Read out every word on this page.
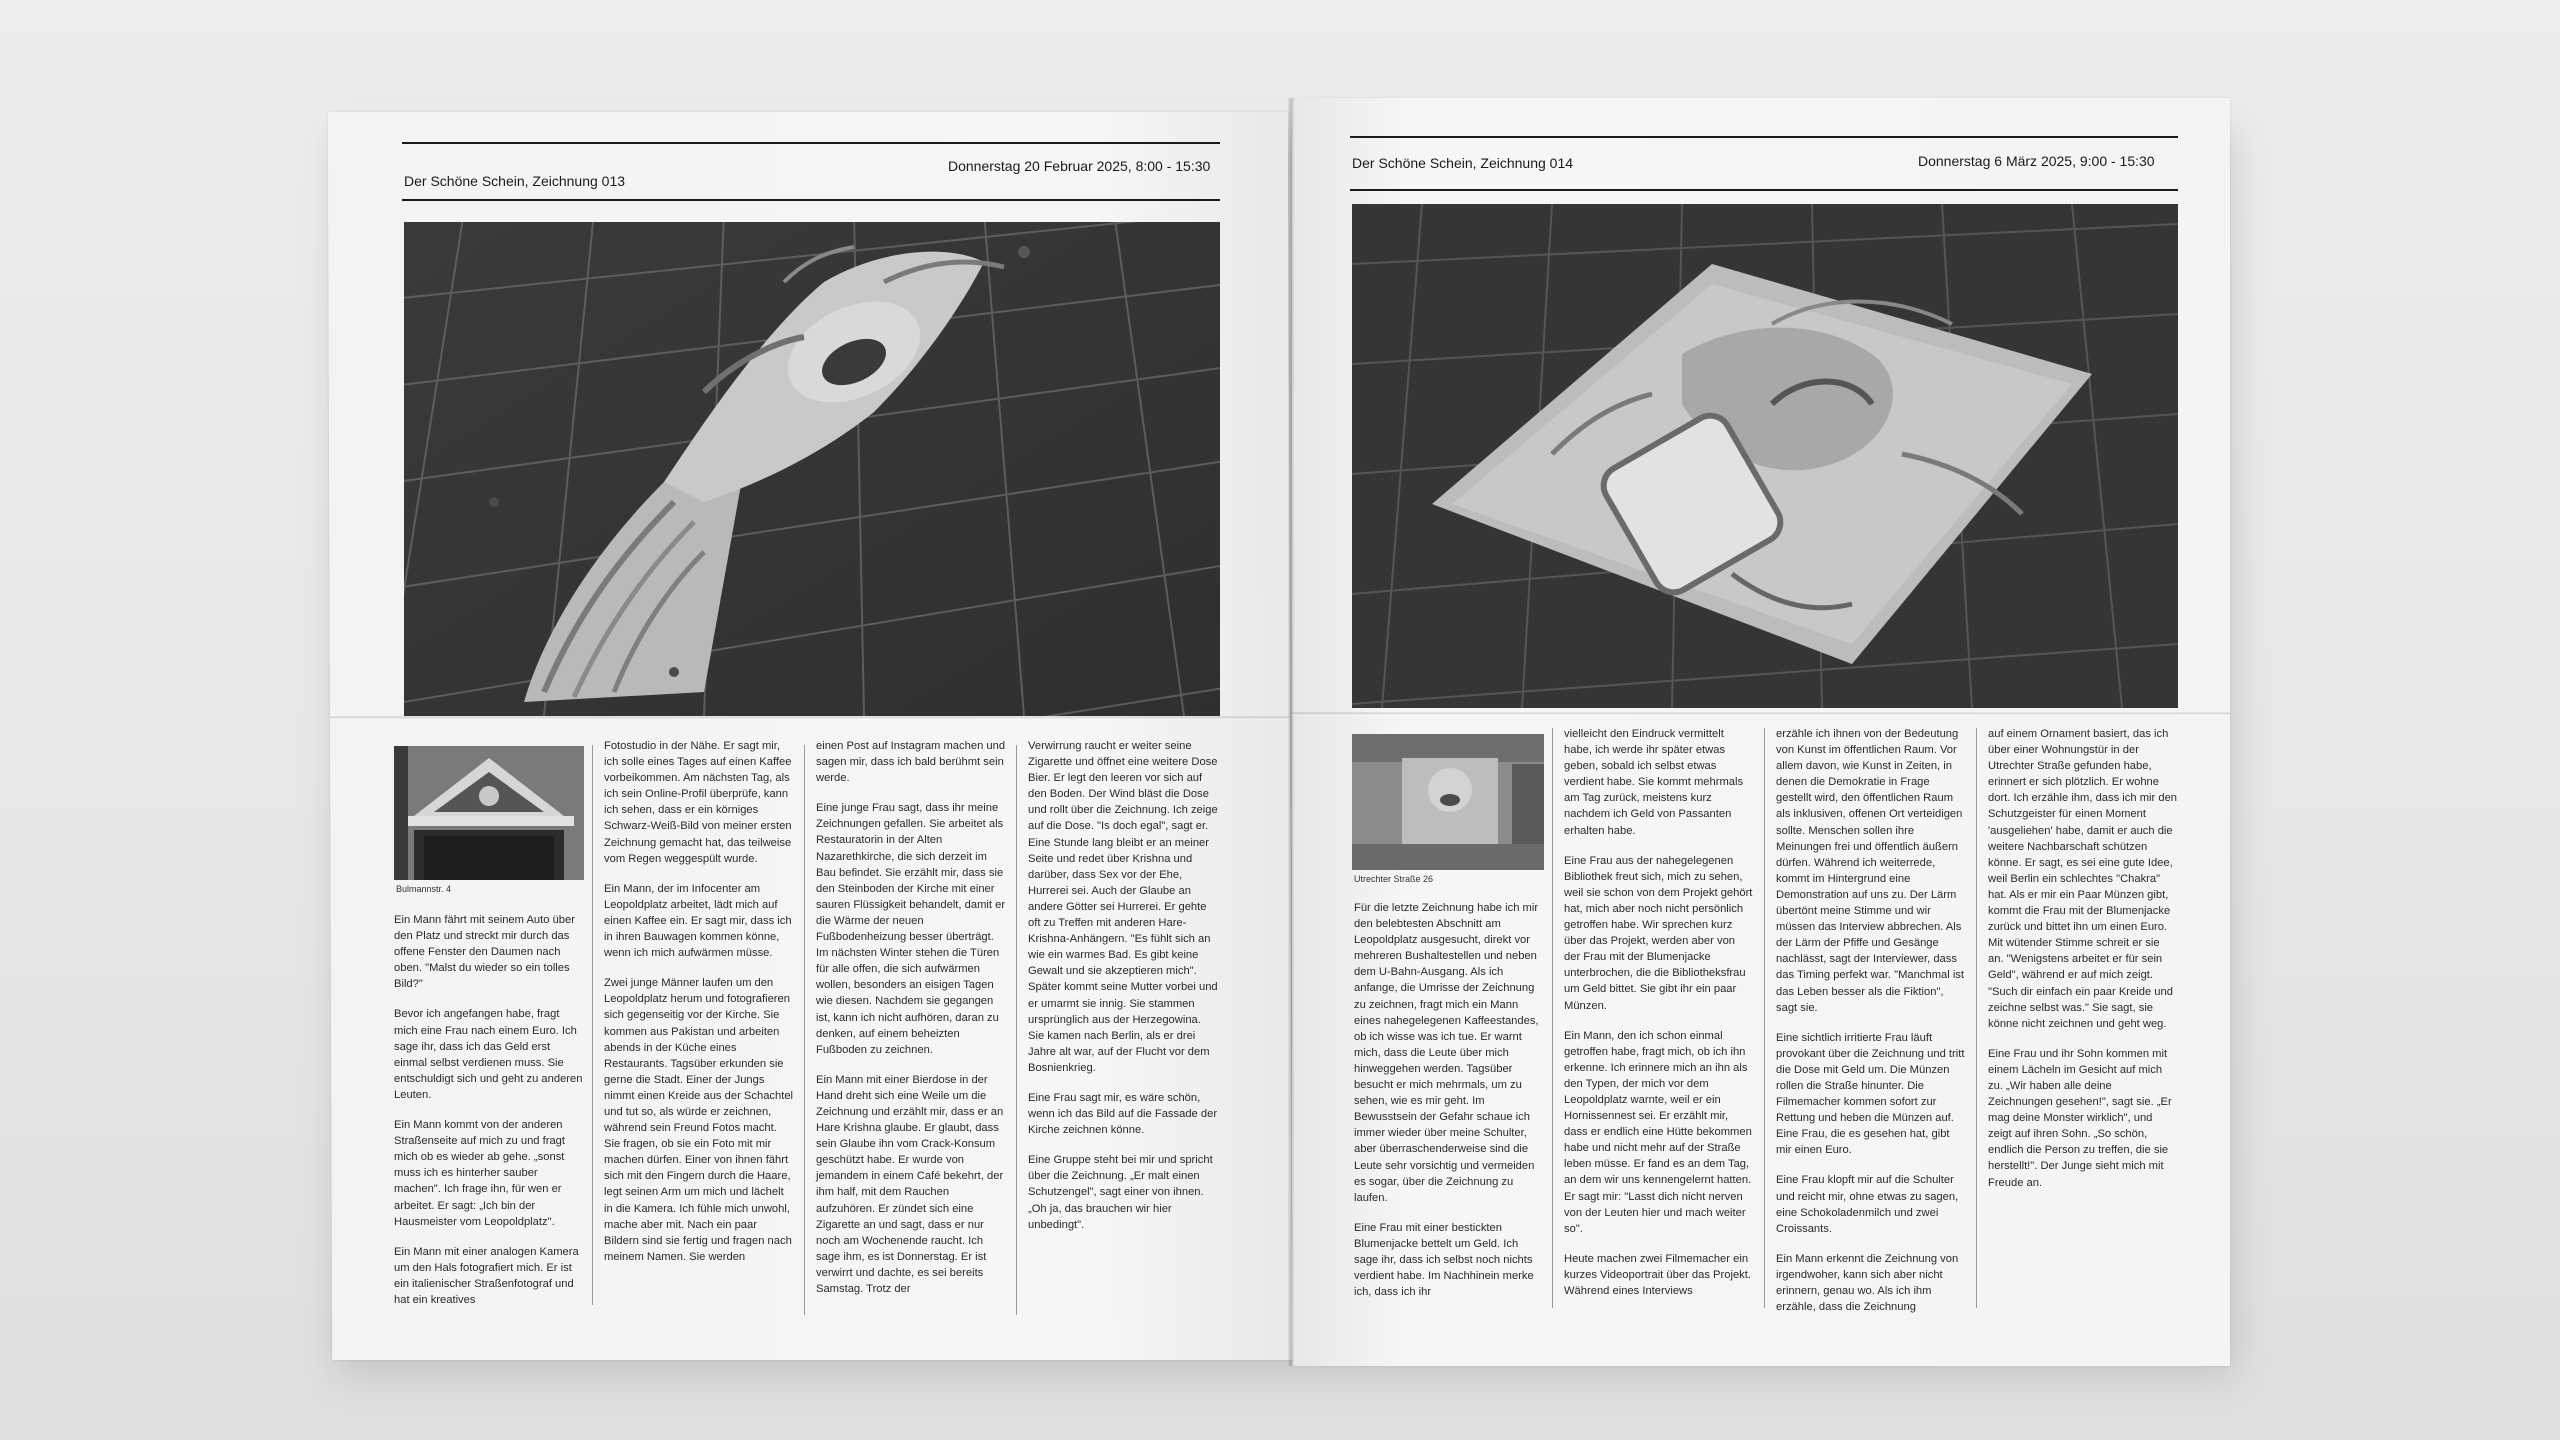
Der Schöne Schein, Zeichnung 013
Donnerstag 20 Februar 2025, 8:00 - 15:30
Bulmannstr. 4

Ein Mann fährt mit seinem Auto über den Platz und streckt mir durch das offene Fenster den Daumen nach oben. "Malst du wieder so ein tolles Bild?"

Bevor ich angefangen habe, fragt mich eine Frau nach einem Euro. Ich sage ihr, dass ich das Geld erst einmal selbst verdienen muss. Sie entschuldigt sich und geht zu anderen Leuten.

Ein Mann kommt von der anderen Straßenseite auf mich zu und fragt mich ob es wieder ab gehe. „sonst muss ich es hinterher sauber machen". Ich frage ihn, für wen er arbeitet. Er sagt: „Ich bin der Hausmeister vom Leopoldplatz".

Ein Mann mit einer analogen Kamera um den Hals fotografiert mich. Er ist ein italienischer Straßenfotograf und hat ein kreatives

Fotostudio in der Nähe. Er sagt mir, ich solle eines Tages auf einen Kaffee vorbeikommen. Am nächsten Tag, als ich sein Online-Profil überprüfe, kann ich sehen, dass er ein körniges Schwarz-Weiß-Bild von meiner ersten Zeichnung gemacht hat, das teilweise vom Regen weggespült wurde.

Ein Mann, der im Infocenter am Leopoldplatz arbeitet, lädt mich auf einen Kaffee ein. Er sagt mir, dass ich in ihren Bauwagen kommen könne, wenn ich mich aufwärmen müsse.

Zwei junge Männer laufen um den Leopoldplatz herum und fotografieren sich gegenseitig vor der Kirche. Sie kommen aus Pakistan und arbeiten abends in der Küche eines Restaurants. Tagsüber erkunden sie gerne die Stadt. Einer der Jungs nimmt einen Kreide aus der Schachtel und tut so, als würde er zeichnen, während sein Freund Fotos macht. Sie fragen, ob sie ein Foto mit mir machen dürfen. Einer von ihnen fährt sich mit den Fingern durch die Haare, legt seinen Arm um mich und lächelt in die Kamera. Ich fühle mich unwohl, mache aber mit. Nach ein paar Bildern sind sie fertig und fragen nach meinem Namen. Sie werden

einen Post auf Instagram machen und sagen mir, dass ich bald berühmt sein werde.

Eine junge Frau sagt, dass ihr meine Zeichnungen gefallen. Sie arbeitet als Restauratorin in der Alten Nazarethkirche, die sich derzeit im Bau befindet. Sie erzählt mir, dass sie den Steinboden der Kirche mit einer sauren Flüssigkeit behandelt, damit er die Wärme der neuen Fußbodenheizung besser überträgt. Im nächsten Winter stehen die Türen für alle offen, die sich aufwärmen wollen, besonders an eisigen Tagen wie diesen. Nachdem sie gegangen ist, kann ich nicht aufhören, daran zu denken, auf einem beheizten Fußboden zu zeichnen.

Ein Mann mit einer Bierdose in der Hand dreht sich eine Weile um die Zeichnung und erzählt mir, dass er an Hare Krishna glaube. Er glaubt, dass sein Glaube ihn vom Crack-Konsum geschützt habe. Er wurde von jemandem in einem Café bekehrt, der ihm half, mit dem Rauchen aufzuhören. Er zündet sich eine Zigarette an und sagt, dass er nur noch am Wochenende raucht. Ich sage ihm, es ist Donnerstag. Er ist verwirrt und dachte, es sei bereits Samstag. Trotz der

Verwirrung raucht er weiter seine Zigarette und öffnet eine weitere Dose Bier. Er legt den leeren vor sich auf den Boden. Der Wind bläst die Dose und rollt über die Zeichnung. Ich zeige auf die Dose. "Is doch egal", sagt er. Eine Stunde lang bleibt er an meiner Seite und redet über Krishna und darüber, dass Sex vor der Ehe, Hurrerei sei. Auch der Glaube an andere Götter sei Hurrerei. Er gehte oft zu Treffen mit anderen Hare-Krishna-Anhängern. "Es fühlt sich an wie ein warmes Bad. Es gibt keine Gewalt und sie akzeptieren mich". Später kommt seine Mutter vorbei und er umarmt sie innig. Sie stammen ursprünglich aus der Herzegowina. Sie kamen nach Berlin, als er drei Jahre alt war, auf der Flucht vor dem Bosnienkrieg.

Eine Frau sagt mir, es wäre schön, wenn ich das Bild auf die Fassade der Kirche zeichnen könne.

Eine Gruppe steht bei mir und spricht über die Zeichnung. „Er malt einen Schutzengel", sagt einer von ihnen. „Oh ja, das brauchen wir hier unbedingt".

Der Schöne Schein, Zeichnung 014	Donnerstag 6 März 2025, 9:00 - 15:30
Utrechter Straße 26

Für die letzte Zeichnung habe ich mir den belebtesten Abschnitt am Leopoldplatz ausgesucht, direkt vor mehreren Bushaltestellen und neben dem U-Bahn-Ausgang. Als ich anfange, die Umrisse der Zeichnung zu zeichnen, fragt mich ein Mann eines nahegelegenen Kaffeestandes, ob ich wisse was ich tue. Er warnt mich, dass die Leute über mich hinweggehen werden. Tagsüber besucht er mich mehrmals, um zu sehen, wie es mir geht. Im Bewusstsein der Gefahr schaue ich immer wieder über meine Schulter, aber überraschenderweise sind die Leute sehr vorsichtig und vermeiden es sogar, über die Zeichnung zu laufen.

Eine Frau mit einer bestickten Blumenjacke bettelt um Geld. Ich sage ihr, dass ich selbst noch nichts verdient habe. Im Nachhinein merke ich, dass ich ihr

vielleicht den Eindruck vermittelt habe, ich werde ihr später etwas geben, sobald ich selbst etwas verdient habe. Sie kommt mehrmals am Tag zurück, meistens kurz nachdem ich Geld von Passanten erhalten habe.

Eine Frau aus der nahegelegenen Bibliothek freut sich, mich zu sehen, weil sie schon von dem Projekt gehört hat, mich aber noch nicht persönlich getroffen habe. Wir sprechen kurz über das Projekt, werden aber von der Frau mit der Blumenjacke unterbrochen, die die Bibliotheksfrau um Geld bittet. Sie gibt ihr ein paar Münzen.

Ein Mann, den ich schon einmal getroffen habe, fragt mich, ob ich ihn erkenne. Ich erinnere mich an ihn als den Typen, der mich vor dem Leopoldplatz warnte, weil er ein Hornissennest sei. Er erzählt mir, dass er endlich eine Hütte bekommen habe und nicht mehr auf der Straße leben müsse. Er fand es an dem Tag, an dem wir uns kennengelernt hatten. Er sagt mir: "Lasst dich nicht nerven von der Leuten hier und mach weiter so".

Heute machen zwei Filmemacher ein kurzes Videoportrait über das Projekt. Während eines Interviews

erzähle ich ihnen von der Bedeutung von Kunst im öffentlichen Raum. Vor allem davon, wie Kunst in Zeiten, in denen die Demokratie in Frage gestellt wird, den öffentlichen Raum als inklusiven, offenen Ort verteidigen sollte. Menschen sollen ihre Meinungen frei und öffentlich äußern dürfen. Während ich weiterrede, kommt im Hintergrund eine Demonstration auf uns zu. Der Lärm übertönt meine Stimme und wir müssen das Interview abbrechen. Als der Lärm der Pfiffe und Gesänge nachlässt, sagt der Interviewer, dass das Timing perfekt war. "Manchmal ist das Leben besser als die Fiktion", sagt sie.

Eine sichtlich irritierte Frau läuft provokant über die Zeichnung und tritt die Dose mit Geld um. Die Münzen rollen die Straße hinunter. Die Filmemacher kommen sofort zur Rettung und heben die Münzen auf. Eine Frau, die es gesehen hat, gibt mir einen Euro.

Eine Frau klopft mir auf die Schulter und reicht mir, ohne etwas zu sagen, eine Schokoladenmilch und zwei Croissants.

Ein Mann erkennt die Zeichnung von irgendwoher, kann sich aber nicht erinnern, genau wo. Als ich ihm erzähle, dass die Zeichnung

auf einem Ornament basiert, das ich über einer Wohnungstür in der Utrechter Straße gefunden habe, erinnert er sich plötzlich. Er wohne dort. Ich erzähle ihm, dass ich mir den Schutzgeister für einen Moment 'ausgeliehen' habe, damit er auch die weitere Nachbarschaft schützen könne. Er sagt, es sei eine gute Idee, weil Berlin ein schlechtes "Chakra" hat. Als er mir ein Paar Münzen gibt, kommt die Frau mit der Blumenjacke zurück und bittet ihn um einen Euro. Mit wütender Stimme schreit er sie an. "Wenigstens arbeitet er für sein Geld", während er auf mich zeigt. "Such dir einfach ein paar Kreide und zeichne selbst was." Sie sagt, sie könne nicht zeichnen und geht weg.

Eine Frau und ihr Sohn kommen mit einem Lächeln im Gesicht auf mich zu. „Wir haben alle deine Zeichnungen gesehen!", sagt sie. „Er mag deine Monster wirklich", und zeigt auf ihren Sohn. „So schön, endlich die Person zu treffen, die sie herstellt!". Der Junge sieht mich mit Freude an.
